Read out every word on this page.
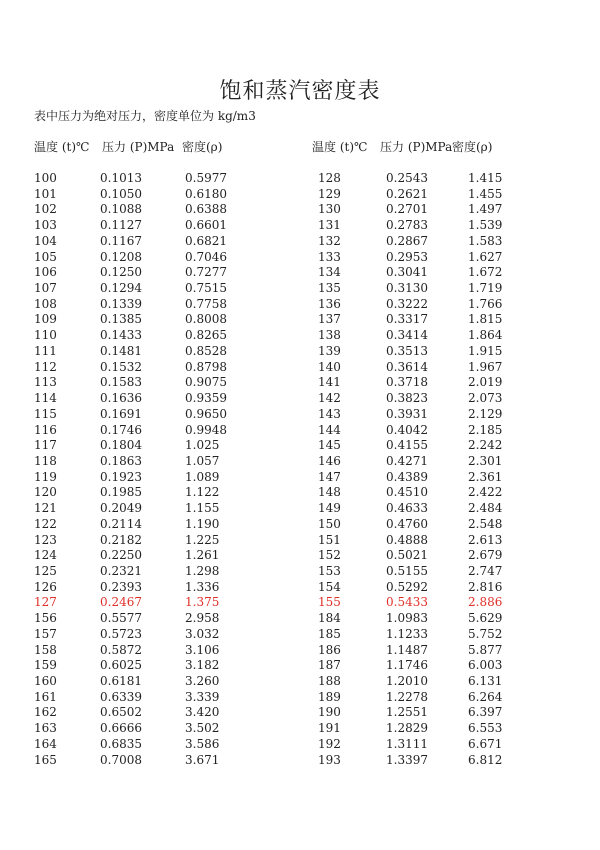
饱和蒸汽密度表
表中压力为绝对压力，密度单位为 kg/m3
温度 (t)℃ 压力 (P)MPa 密度(ρ)	温度 (t)℃ 压力 (P)MPa 密度(ρ)
100	0.1013	0.5977
101	0.1050	0.6180
102	0.1088	0.6388
103	0.1127	0.6601
104	0.1167	0.6821
105	0.1208	0.7046
106	0.1250	0.7277
107	0.1294	0.7515
108	0.1339	0.7758
109	0.1385	0.8008
110	0.1433	0.8265
111	0.1481	0.8528
112	0.1532	0.8798
113	0.1583	0.9075
114	0.1636	0.9359
115	0.1691	0.9650
116	0.1746	0.9948
117	0.1804	1.025
118	0.1863	1.057
119	0.1923	1.089
120	0.1985	1.122
121	0.2049	1.155
122	0.2114	1.190
123	0.2182	1.225
124	0.2250	1.261
125	0.2321	1.298
126	0.2393	1.336
127	0.2467	1.375
156	0.5577	2.958
157	0.5723	3.032
158	0.5872	3.106
159	0.6025	3.182
160	0.6181	3.260
161	0.6339	3.339
162	0.6502	3.420
163	0.6666	3.502
164	0.6835	3.586
165	0.7008	3.671
128	0.2543	1.415
129	0.2621	1.455
130	0.2701	1.497
131	0.2783	1.539
132	0.2867	1.583
133	0.2953	1.627
134	0.3041	1.672
135	0.3130	1.719
136	0.3222	1.766
137	0.3317	1.815
138	0.3414	1.864
139	0.3513	1.915
140	0.3614	1.967
141	0.3718	2.019
142	0.3823	2.073
143	0.3931	2.129
144	0.4042	2.185
145	0.4155	2.242
146	0.4271	2.301
147	0.4389	2.361
148	0.4510	2.422
149	0.4633	2.484
150	0.4760	2.548
151	0.4888	2.613
152	0.5021	2.679
153	0.5155	2.747
154	0.5292	2.816
155	0.5433	2.886
184	1.0983	5.629
185	1.1233	5.752
186	1.1487	5.877
187	1.1746	6.003
188	1.2010	6.131
189	1.2278	6.264
190	1.2551	6.397
191	1.2829	6.553
192	1.3111	6.671
193	1.3397	6.812
